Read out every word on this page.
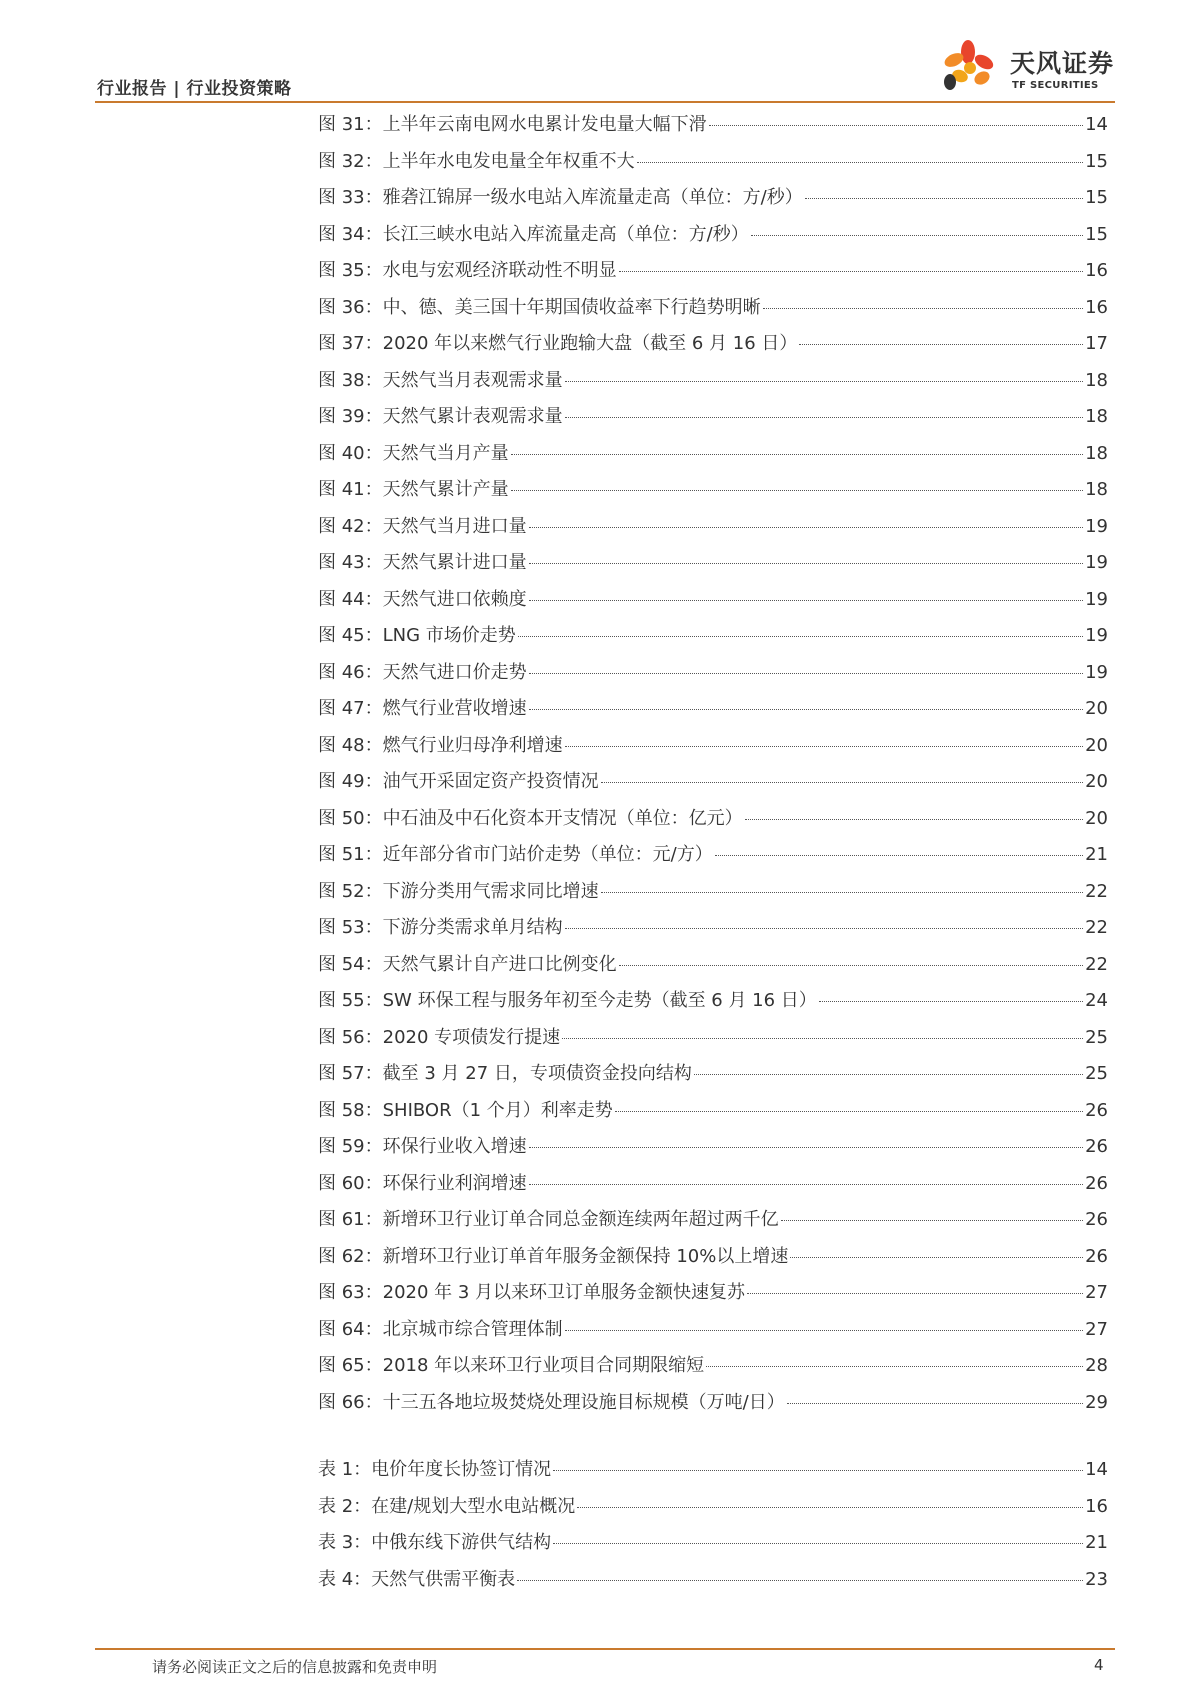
行业报告 | 行业投资策略
天风证券
TF SECURITIES
图 31：上半年云南电网水电累计发电量大幅下滑	14
图 32：上半年水电发电量全年权重不大	15
图 33：雅砻江锦屏一级水电站入库流量走高（单位：方/秒）	15
图 34：长江三峡水电站入库流量走高（单位：方/秒）	15
图 35：水电与宏观经济联动性不明显	16
图 36：中、德、美三国十年期国债收益率下行趋势明晰	16
图 37：2020 年以来燃气行业跑输大盘（截至 6 月 16 日）	17
图 38：天然气当月表观需求量	18
图 39：天然气累计表观需求量	18
图 40：天然气当月产量	18
图 41：天然气累计产量	18
图 42：天然气当月进口量	19
图 43：天然气累计进口量	19
图 44：天然气进口依赖度	19
图 45：LNG 市场价走势	19
图 46：天然气进口价走势	19
图 47：燃气行业营收增速	20
图 48：燃气行业归母净利增速	20
图 49：油气开采固定资产投资情况	20
图 50：中石油及中石化资本开支情况（单位：亿元）	20
图 51：近年部分省市门站价走势（单位：元/方）	21
图 52：下游分类用气需求同比增速	22
图 53：下游分类需求单月结构	22
图 54：天然气累计自产进口比例变化	22
图 55：SW 环保工程与服务年初至今走势（截至 6 月 16 日）	24
图 56：2020 专项债发行提速	25
图 57：截至 3 月 27 日，专项债资金投向结构	25
图 58：SHIBOR（1 个月）利率走势	26
图 59：环保行业收入增速	26
图 60：环保行业利润增速	26
图 61：新增环卫行业订单合同总金额连续两年超过两千亿	26
图 62：新增环卫行业订单首年服务金额保持 10%以上增速	26
图 63：2020 年 3 月以来环卫订单服务金额快速复苏	27
图 64：北京城市综合管理体制	27
图 65：2018 年以来环卫行业项目合同期限缩短	28
图 66：十三五各地垃圾焚烧处理设施目标规模（万吨/日）	29
表 1：电价年度长协签订情况	14
表 2：在建/规划大型水电站概况	16
表 3：中俄东线下游供气结构	21
表 4：天然气供需平衡表	23
请务必阅读正文之后的信息披露和免责申明	4
